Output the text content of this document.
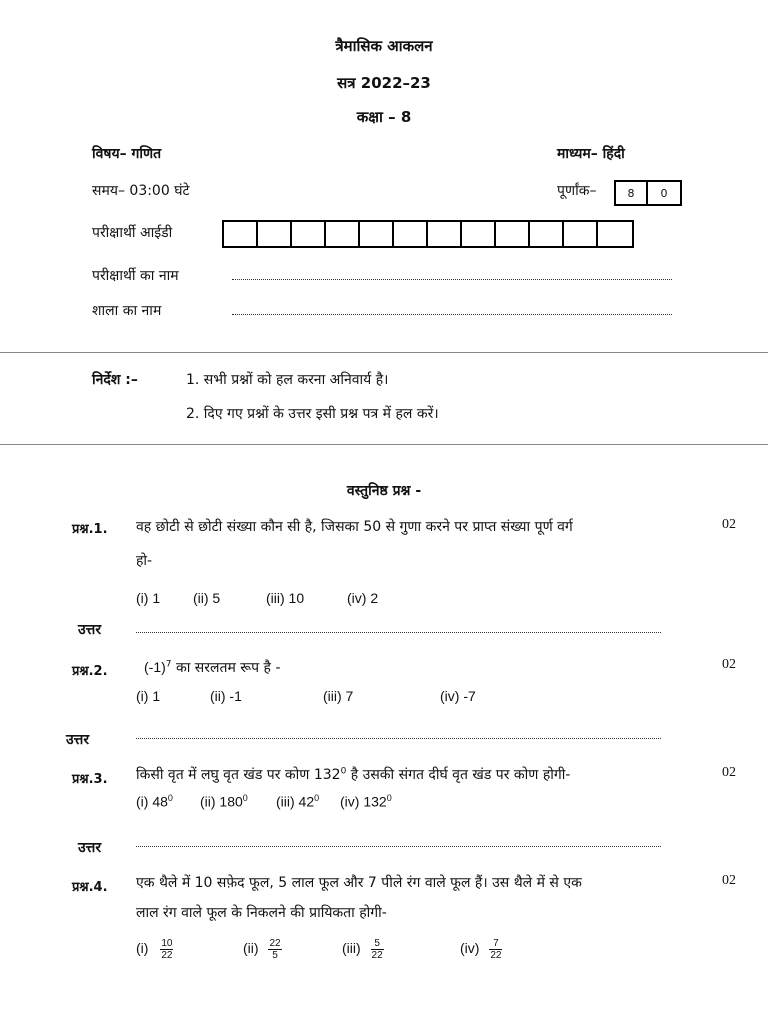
त्रैमासिक आकलन
सत्र 2022–23
कक्षा – 8
विषय– गणित	माध्यम– हिंदी
समय– 03:00 घंटे	पूर्णांक–	8	0
परीक्षार्थी आईडी
परीक्षार्थी का नाम
शाला का नाम
निर्देश :–	1. सभी प्रश्नों को हल करना अनिवार्य है।
2. दिए गए प्रश्नों के उत्तर इसी प्रश्न पत्र में हल करें।
वस्तुनिष्ठ प्रश्न -
प्रश्न.1. वह छोटी से छोटी संख्या कौन सी है, जिसका 50 से गुणा करने पर प्राप्त संख्या पूर्ण वर्ग	02
हो-
(i) 1 (ii) 5	(iii) 10	(iv) 2
उत्तर
प्रश्न.2.	$(-1)^7$ का सरलतम रूप है -	02
(i) 1	(ii) -1	(iii) 7	(iv) -7
उत्तर
प्रश्न.3. किसी वृत में लघु वृत खंड पर कोण $132^0$ है उसकी संगत दीर्घ वृत खंड पर कोण होगी-	02
(i) $48^0$ (ii) $180^0$ (iii) $42^0$ (iv) $132^0$
उत्तर
प्रश्न.4. एक थैले में 10 सफ़ेद फूल, 5 लाल फूल और 7 पीले रंग वाले फूल हैं। उस थैले में से एक	02
लाल रंग वाले फूल के निकलने की प्रायिकता होगी-
$(i) \frac{10}{22}$	$(ii) \frac{22}{5}$	$(iii) \frac{5}{22}$	$(iv) \frac{7}{22}$
